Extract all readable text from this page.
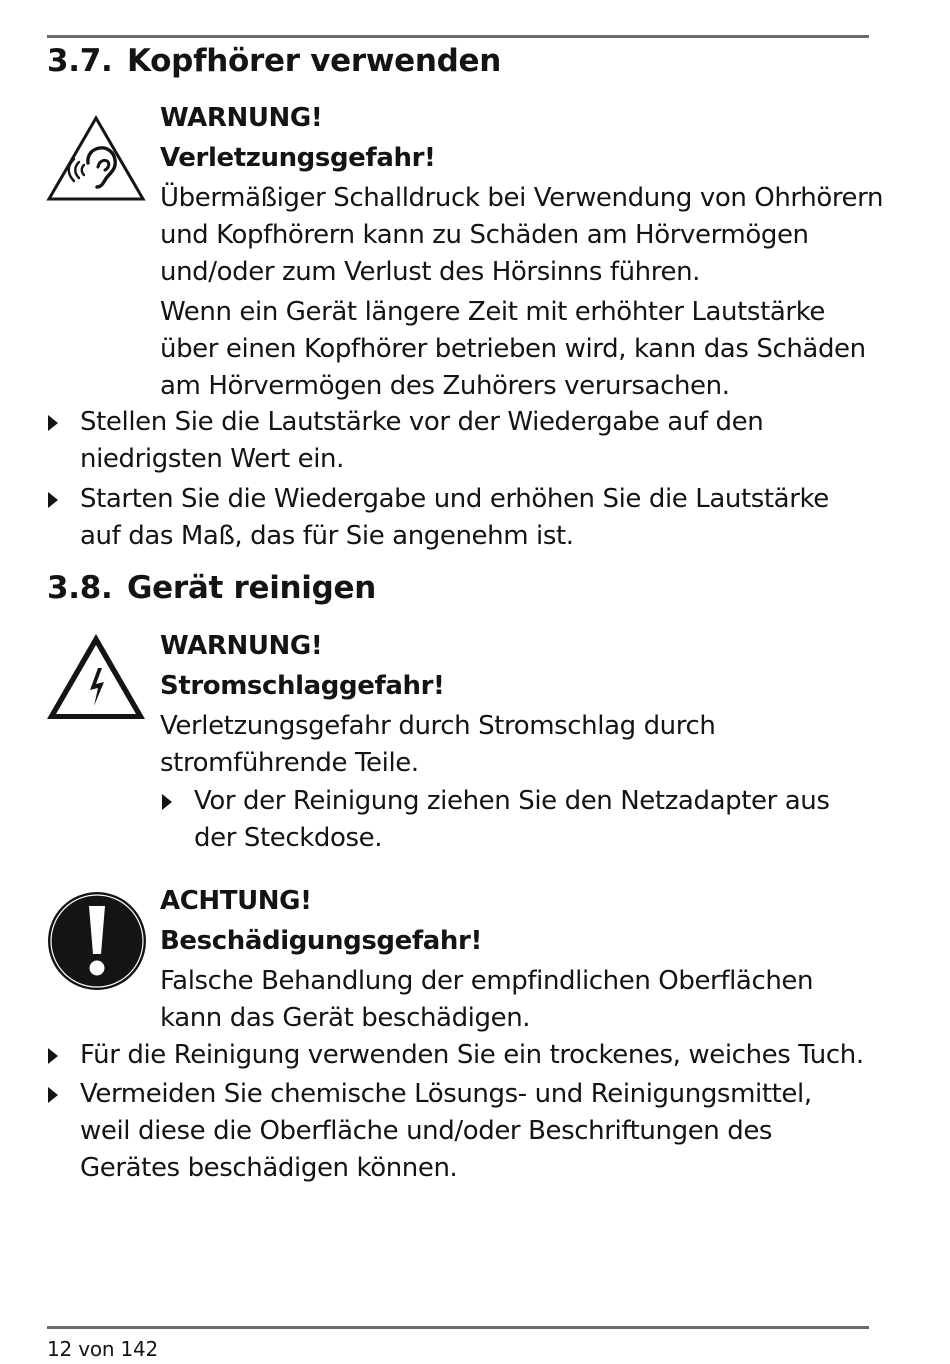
3.7. Kopfhörer verwenden
WARNUNG!
Verletzungsgefahr!

Übermäßiger Schalldruck bei Verwendung von Ohrhörern und Kopfhörern kann zu Schäden am Hörvermögen und/oder zum Verlust des Hörsinns führen.

Wenn ein Gerät längere Zeit mit erhöhter Lautstärke über einen Kopfhörer betrieben wird, kann das Schäden am Hörvermögen des Zuhörers verursachen.

Stellen Sie die Lautstärke vor der Wiedergabe auf den niedrigsten Wert ein.
Starten Sie die Wiedergabe und erhöhen Sie die Lautstärke auf das Maß, das für Sie angenehm ist.
3.8. Gerät reinigen
WARNUNG!
Stromschlaggefahr!

Verletzungsgefahr durch Stromschlag durch stromführende Teile.

Vor der Reinigung ziehen Sie den Netzadapter aus der Steckdose.
ACHTUNG!
Beschädigungsgefahr!

Falsche Behandlung der empfindlichen Oberflächen kann das Gerät beschädigen.

Für die Reinigung verwenden Sie ein trockenes, weiches Tuch.
Vermeiden Sie chemische Lösungs- und Reinigungsmittel, weil diese die Oberfläche und/oder Beschriftungen des Gerätes beschädigen können.
12 von 142
